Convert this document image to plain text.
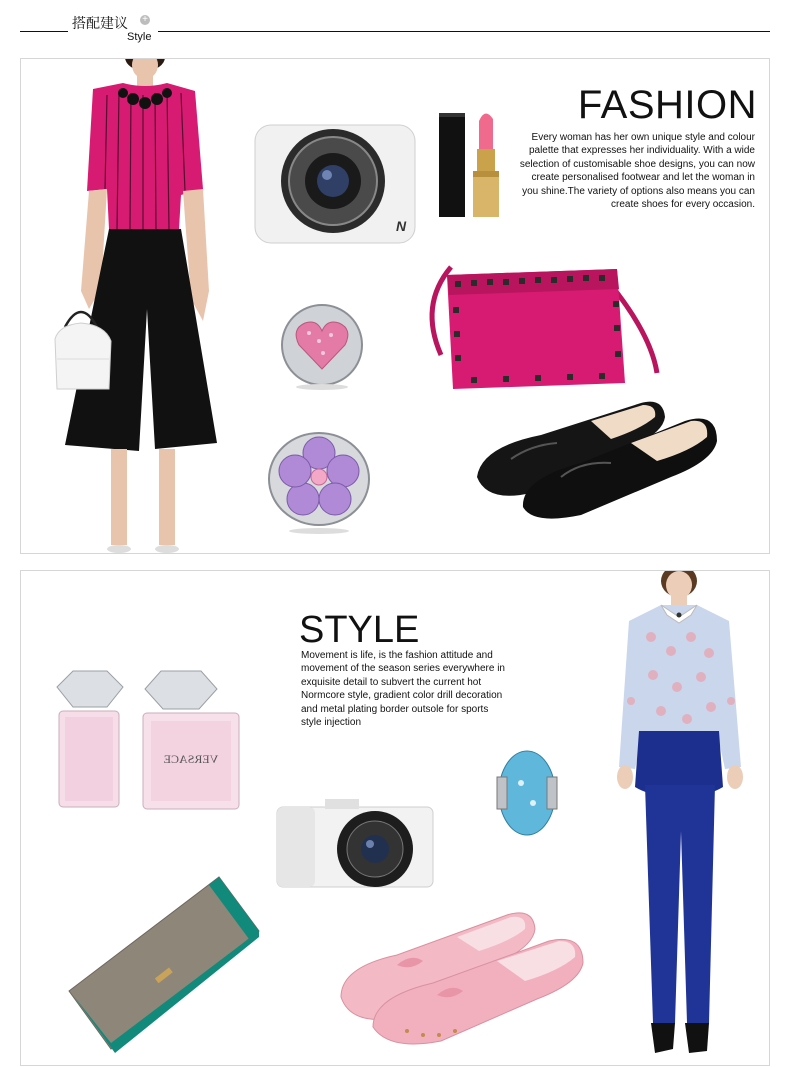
搭配建议 +
Style
N
FASHION
Every woman has her own unique style and colour palette that expresses her individuality. With a wide selection of customisable shoe designs, you can now create personalised footwear and let the woman in you shine.The variety of options also means you can create shoes for every occasion.
VERSACE
STYLE
Movement is life, is the fashion attitude and movement of the season series everywhere in exquisite detail to subvert the current hot Normcore style, gradient color drill decoration and metal plating border outsole for sports style injection
